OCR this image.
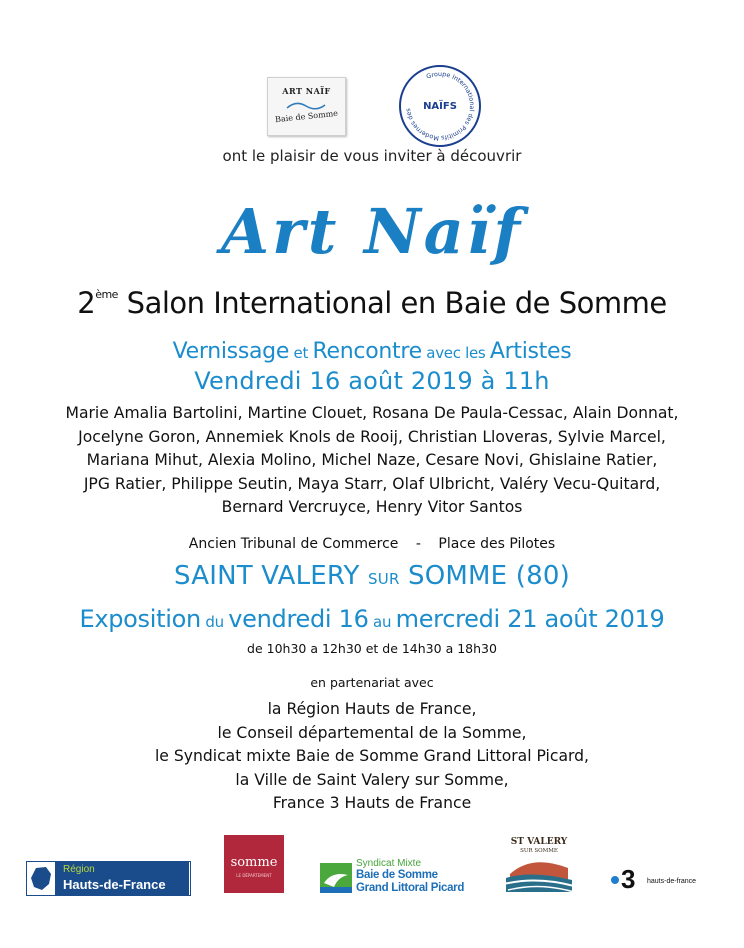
ART NAÏF
Baie de Somme
Groupe International des Primitifs Modernes des	NAÏFS
ont le plaisir de vous inviter à découvrir
Art Naïf
2ème Salon International en Baie de Somme
Vernissage et Rencontre avec les Artistes
Vendredi 16 août 2019 à 11h
Marie Amalia Bartolini, Martine Clouet, Rosana De Paula-Cessac, Alain Donnat,
Jocelyne Goron, Annemiek Knols de Rooij, Christian Lloveras, Sylvie Marcel,
Mariana Mihut, Alexia Molino, Michel Naze, Cesare Novi, Ghislaine Ratier,
JPG Ratier, Philippe Seutin, Maya Starr, Olaf Ulbricht, Valéry Vecu-Quitard,
Bernard Vercruyce, Henry Vitor Santos
Ancien Tribunal de Commerce - Place des Pilotes
SAINT VALERY SUR SOMME (80)
Exposition du vendredi 16 au mercredi 21 août 2019
de 10h30 a 12h30 et de 14h30 a 18h30
en partenariat avec
la Région Hauts de France,
le Conseil départemental de la Somme,
le Syndicat mixte Baie de Somme Grand Littoral Picard,
la Ville de Saint Valery sur Somme,
France 3 Hauts de France
Région
Hauts-de-France
somme
LE DÉPARTEMENT
Syndicat Mixte
Baie de Somme
Grand Littoral Picard
ST VALERY
SUR SOMME
3 hauts-de-france
